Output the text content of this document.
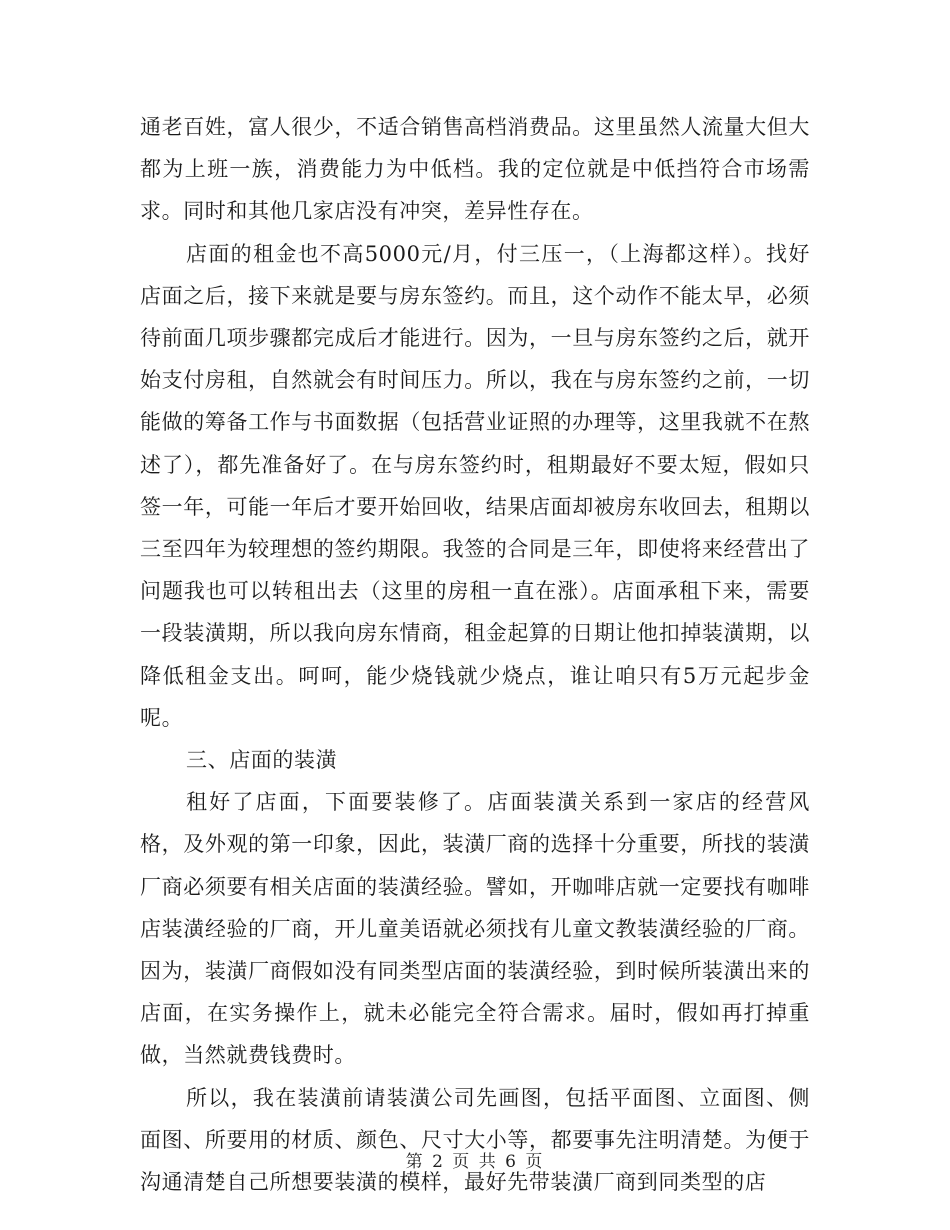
通老百姓，富人很少，不适合销售高档消费品。这里虽然人流量大但大都为上班一族，消费能力为中低档。我的定位就是中低挡符合市场需求。同时和其他几家店没有冲突，差异性存在。

店面的租金也不高5000元/月，付三压一，（上海都这样）。找好店面之后，接下来就是要与房东签约。而且，这个动作不能太早，必须待前面几项步骤都完成后才能进行。因为，一旦与房东签约之后，就开始支付房租，自然就会有时间压力。所以，我在与房东签约之前，一切能做的筹备工作与书面数据（包括营业证照的办理等，这里我就不在熬述了），都先准备好了。在与房东签约时，租期最好不要太短，假如只签一年，可能一年后才要开始回收，结果店面却被房东收回去，租期以三至四年为较理想的签约期限。我签的合同是三年，即使将来经营出了问题我也可以转租出去（这里的房租一直在涨）。店面承租下来，需要一段装潢期，所以我向房东情商，租金起算的日期让他扣掉装潢期，以降低租金支出。呵呵，能少烧钱就少烧点，谁让咱只有5万元起步金呢。

三、店面的装潢

租好了店面，下面要装修了。店面装潢关系到一家店的经营风格，及外观的第一印象，因此，装潢厂商的选择十分重要，所找的装潢厂商必须要有相关店面的装潢经验。譬如，开咖啡店就一定要找有咖啡店装潢经验的厂商，开儿童美语就必须找有儿童文教装潢经验的厂商。因为，装潢厂商假如没有同类型店面的装潢经验，到时候所装潢出来的店面，在实务操作上，就未必能完全符合需求。届时，假如再打掉重做，当然就费钱费时。

所以，我在装潢前请装潢公司先画图，包括平面图、立面图、侧面图、所要用的材质、颜色、尺寸大小等，都要事先注明清楚。为便于沟通清楚自己所想要装潢的模样，最好先带装潢厂商到同类型的店

第 2 页 共 6 页
